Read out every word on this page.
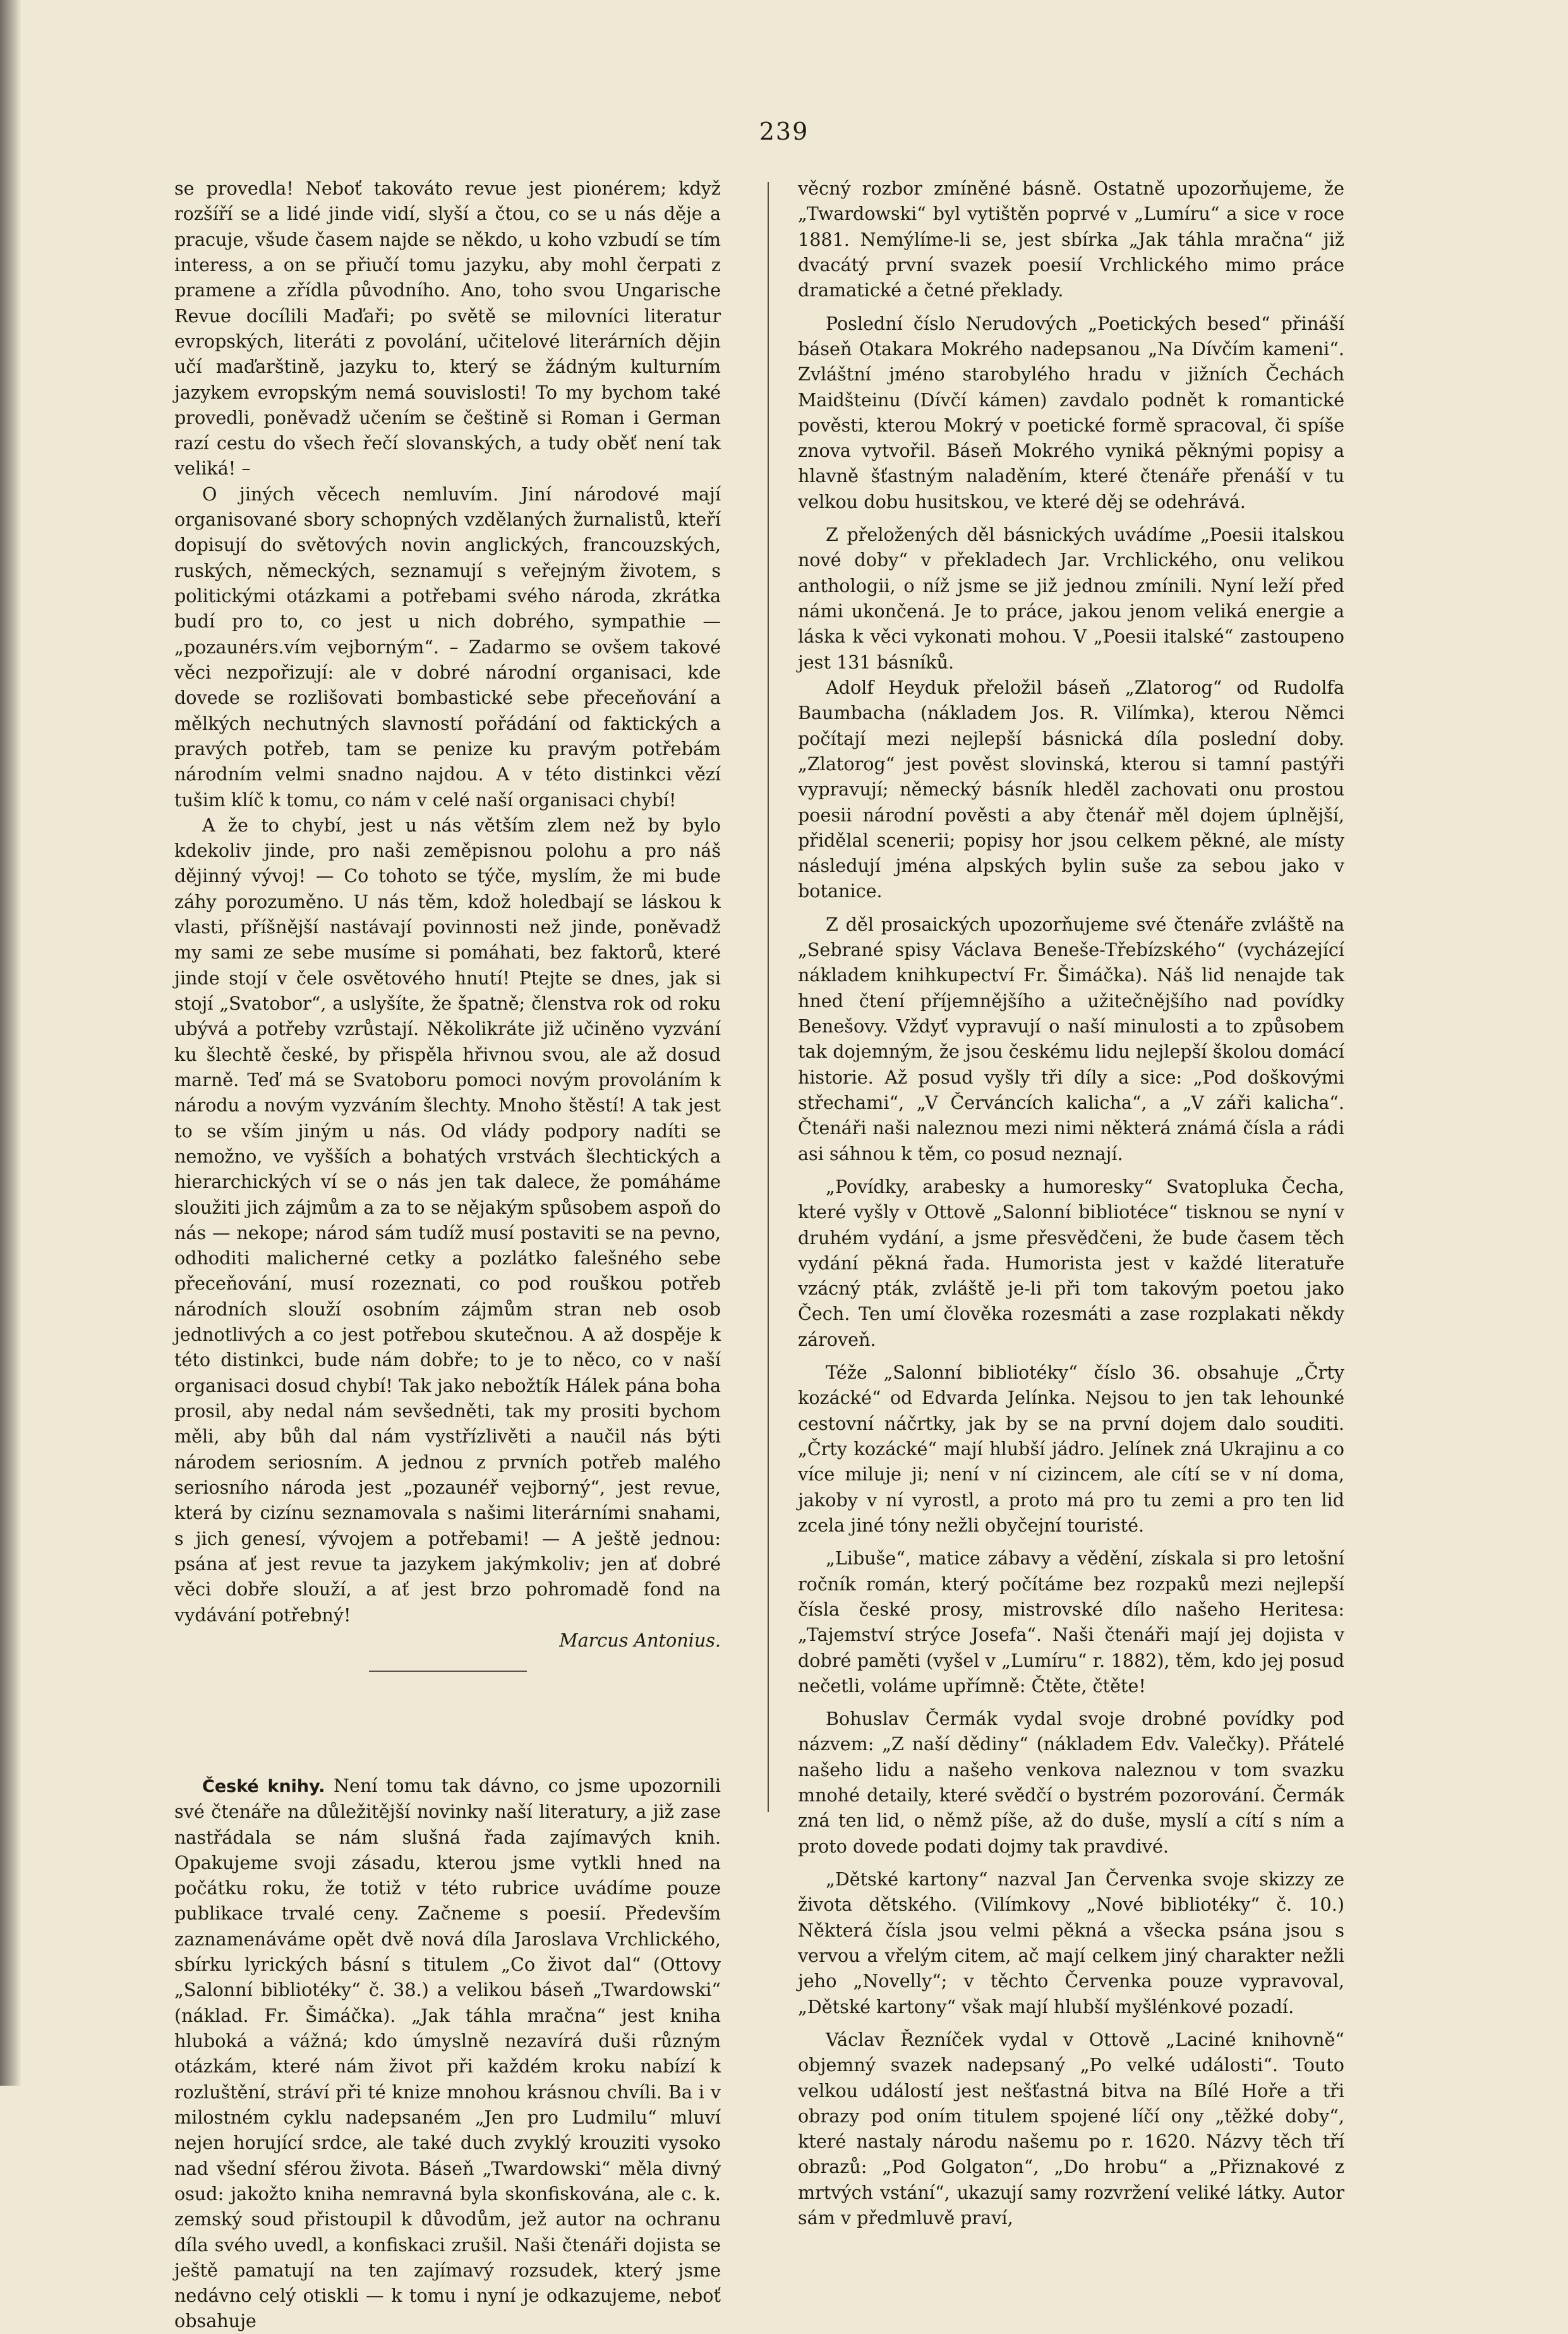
239

se provedla! Neboť takováto revue jest pionérem; když rozšíří se a lidé jinde vidí, slyší a čtou, co se u nás děje a pracuje, všude časem najde se někdo, u koho vzbudí se tím interess, a on se přiučí tomu jazyku, aby mohl čerpati z pramene a zřídla původního. Ano, toho svou Ungarische Revue docílili Maďaři; po světě se milovníci literatur evropských, literáti z povolání, učitelové literárních dějin učí maďarštině, jazyku to, který se žádným kulturním jazykem evropským nemá souvislosti! To my bychom také provedli, poněvadž učením se češtině si Roman i German razí cestu do všech řečí slovanských, a tudy oběť není tak veliká! –

O jiných věcech nemluvím. Jiní národové mají organisované sbory schopných vzdělaných žurnalistů, kteří dopisují do světových novin anglických, francouzských, ruských, německých, seznamují s veřejným životem, s politickými otázkami a potřebami svého národa, zkrátka budí pro to, co jest u nich dobrého, sympathie — „pozaunérs.vím vejborným“. – Zadarmo se ovšem takové věci nezpořizují: ale v dobré národní organisaci, kde dovede se rozlišovati bombastické sebe přeceňování a mělkých nechutných slavností pořádání od faktických a pravých potřeb, tam se penize ku pravým potřebám národním velmi snadno najdou. A v této distinkci vězí tušim klíč k tomu, co nám v celé naší organisaci chybí!

A že to chybí, jest u nás větším zlem než by bylo kdekoliv jinde, pro naši zeměpisnou polohu a pro náš dějinný vývoj! — Co tohoto se týče, myslím, že mi bude záhy porozuměno. U nás těm, kdož holedbají se láskou k vlasti, příšnější nastávají povinnosti než jinde, poněvadž my sami ze sebe musíme si pomáhati, bez faktorů, které jinde stojí v čele osvětového hnutí! Ptejte se dnes, jak si stojí „Svatobor“, a uslyšíte, že špatně; členstva rok od roku ubývá a potřeby vzrůstají. Několikráte již učiněno vyzvání ku šlechtě české, by přispěla hřivnou svou, ale až dosud marně. Teď má se Svatoboru pomoci novým provoláním k národu a novým vyzváním šlechty. Mnoho štěstí! A tak jest to se vším jiným u nás. Od vlády podpory nadíti se nemožno, ve vyšších a bohatých vrstvách šlechtických a hierarchických ví se o nás jen tak dalece, že pomáháme sloužiti jich zájmům a za to se nějakým spůsobem aspoň do nás — nekope; národ sám tudíž musí postaviti se na pevno, odhoditi malicherné cetky a pozlátko falešného sebe přeceňování, musí rozeznati, co pod rouškou potřeb národních slouží osobním zájmům stran neb osob jednotlivých a co jest potřebou skutečnou. A až dospěje k této distinkci, bude nám dobře; to je to něco, co v naší organisaci dosud chybí! Tak jako nebožtík Hálek pána boha prosil, aby nedal nám sevšedněti, tak my prositi bychom měli, aby bůh dal nám vystřízlivěti a naučil nás býti národem seriosním. A jednou z prvních potřeb malého seriosního národa jest „pozaunéř vejborný“, jest revue, která by cizínu seznamovala s našimi literárními snahami, s jich genesí, vývojem a potřebami! — A ještě jednou: psána ať jest revue ta jazykem jakýmkoliv; jen ať dobré věci dobře slouží, a ať jest brzo pohromadě fond na vydávání potřebný!

Marcus Antonius.

České knihy. Není tomu tak dávno, co jsme upozornili své čtenáře na důležitější novinky naší literatury, a již zase nastřádala se nám slušná řada zajímavých knih. Opakujeme svoji zásadu, kterou jsme vytkli hned na počátku roku, že totiž v této rubrice uvádíme pouze publikace trvalé ceny. Začneme s poesií. Především zaznamenáváme opět dvě nová díla Jaroslava Vrchlického, sbírku lyrických básní s titulem „Co život dal“ (Ottovy „Salonní bibliotéky“ č. 38.) a velikou báseň „Twardowski“ (náklad. Fr. Šimáčka). „Jak táhla mračna“ jest kniha hluboká a vážná; kdo úmyslně nezavírá duši různým otázkám, které nám život při každém kroku nabízí k rozluštění, stráví při té knize mnohou krásnou chvíli. Ba i v milostném cyklu nadepsaném „Jen pro Ludmilu“ mluví nejen horující srdce, ale také duch zvyklý krouziti vysoko nad všední sférou života. Báseň „Twardowski“ měla divný osud: jakožto kniha nemravná byla skonfiskována, ale c. k. zemský soud přistoupil k důvodům, jež autor na ochranu díla svého uvedl, a konfiskaci zrušil. Naši čtenáři dojista se ještě pamatují na ten zajímavý rozsudek, který jsme nedávno celý otiskli — k tomu i nyní je odkazujeme, neboť obsahuje

věcný rozbor zmíněné básně. Ostatně upozorňujeme, že „Twardowski“ byl vytištěn poprvé v „Lumíru“ a sice v roce 1881. Nemýlíme-li se, jest sbírka „Jak táhla mračna“ již dvacátý první svazek poesií Vrchlického mimo práce dramatické a četné překlady.

Poslední číslo Nerudových „Poetických besed“ přináší báseň Otakara Mokrého nadepsanou „Na Dívčím kameni“. Zvláštní jméno starobylého hradu v jižních Čechách Maidšteinu (Dívčí kámen) zavdalo podnět k romantické pověsti, kterou Mokrý v poetické formě spracoval, či spíše znova vytvořil. Báseň Mokrého vyniká pěknými popisy a hlavně šťastným naladěním, které čtenáře přenáší v tu velkou dobu husitskou, ve které děj se odehrává.

Z přeložených děl básnických uvádíme „Poesii italskou nové doby“ v překladech Jar. Vrchlického, onu velikou anthologii, o níž jsme se již jednou zmínili. Nyní leží před námi ukončená. Je to práce, jakou jenom veliká energie a láska k věci vykonati mohou. V „Poesii italské“ zastoupeno jest 131 básníků.

Adolf Heyduk přeložil báseň „Zlatorog“ od Rudolfa Baumbacha (nákladem Jos. R. Vilímka), kterou Němci počítají mezi nejlepší básnická díla poslední doby. „Zlatorog“ jest pověst slovinská, kterou si tamní pastýři vypravují; německý básník hleděl zachovati onu prostou poesii národní pověsti a aby čtenář měl dojem úplnější, přidělal scenerii; popisy hor jsou celkem pěkné, ale místy následují jména alpských bylin suše za sebou jako v botanice.

Z děl prosaických upozorňujeme své čtenáře zvláště na „Sebrané spisy Václava Beneše-Třebízského“ (vycházející nákladem knihkupectví Fr. Šimáčka). Náš lid nenajde tak hned čtení příjemnějšího a užitečnějšího nad povídky Benešovy. Vždyť vypravují o naší minulosti a to způsobem tak dojemným, že jsou českému lidu nejlepší školou domácí historie. Až posud vyšly tři díly a sice: „Pod doškovými střechami“, „V Červáncích kalicha“, a „V záři kalicha“. Čtenáři naši naleznou mezi nimi některá známá čísla a rádi asi sáhnou k těm, co posud neznají.

„Povídky, arabesky a humoresky“ Svatopluka Čecha, které vyšly v Ottově „Salonní bibliotéce“ tisknou se nyní v druhém vydání, a jsme přesvědčeni, že bude časem těch vydání pěkná řada. Humorista jest v každé literatuře vzácný pták, zvláště je-li při tom takovým poetou jako Čech. Ten umí člověka rozesmáti a zase rozplakati někdy zároveň.

Téže „Salonní bibliotéky“ číslo 36. obsahuje „Črty kozácké“ od Edvarda Jelínka. Nejsou to jen tak lehounké cestovní náčrtky, jak by se na první dojem dalo souditi. „Črty kozácké“ mají hlubší jádro. Jelínek zná Ukrajinu a co více miluje ji; není v ní cizincem, ale cítí se v ní doma, jakoby v ní vyrostl, a proto má pro tu zemi a pro ten lid zcela jiné tóny nežli obyčejní touristé.

„Libuše“, matice zábavy a vědění, získala si pro letošní ročník román, který počítáme bez rozpaků mezi nejlepší čísla české prosy, mistrovské dílo našeho Heritesa: „Tajemství strýce Josefa“. Naši čtenáři mají jej dojista v dobré paměti (vyšel v „Lumíru“ r. 1882), těm, kdo jej posud nečetli, voláme upřímně: Čtěte, čtěte!

Bohuslav Čermák vydal svoje drobné povídky pod názvem: „Z naší dědiny“ (nákladem Edv. Valečky). Přátelé našeho lidu a našeho venkova naleznou v tom svazku mnohé detaily, které svědčí o bystrém pozorování. Čermák zná ten lid, o němž píše, až do duše, myslí a cítí s ním a proto dovede podati dojmy tak pravdivé.

„Dětské kartony“ nazval Jan Červenka svoje skizzy ze života dětského. (Vilímkovy „Nové bibliotéky“ č. 10.) Některá čísla jsou velmi pěkná a všecka psána jsou s vervou a vřelým citem, ač mají celkem jiný charakter nežli jeho „Novelly“; v těchto Červenka pouze vypravoval, „Dětské kartony“ však mají hlubší myšlénkové pozadí.

Václav Řezníček vydal v Ottově „Laciné knihovně“ objemný svazek nadepsaný „Po velké události“. Touto velkou událostí jest nešťastná bitva na Bílé Hoře a tři obrazy pod oním titulem spojené líčí ony „těžké doby“, které nastaly národu našemu po r. 1620. Názvy těch tří obrazů: „Pod Golgaton“, „Do hrobu“ a „Přiznakové z mrtvých vstání“, ukazují samy rozvržení veliké látky. Autor sám v předmluvě praví,
